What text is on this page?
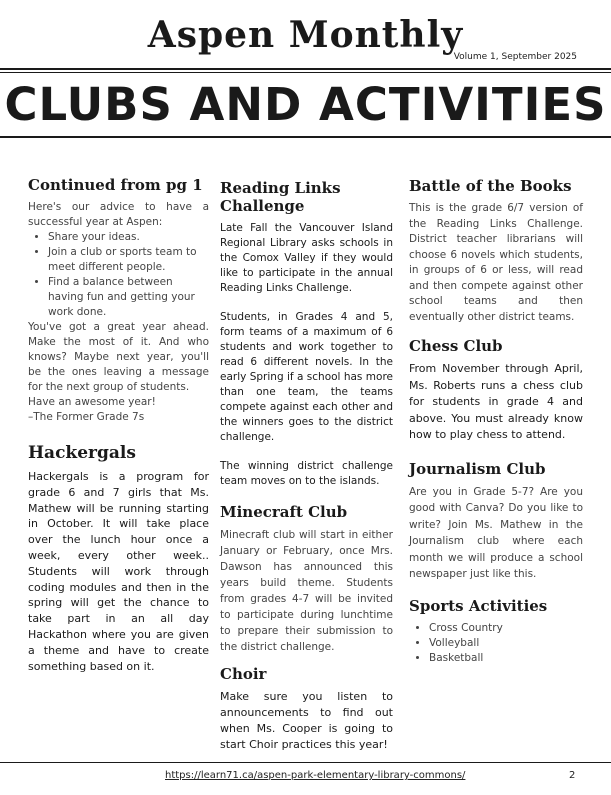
Aspen Monthly
Volume 1, September 2025
CLUBS AND ACTIVITIES
Continued from pg 1

Here's our advice to have a successful year at Aspen:

• Share your ideas.
• Join a club or sports team to meet different people.
• Find a balance between having fun and getting your work done.

You've got a great year ahead. Make the most of it. And who knows? Maybe next year, you'll be the ones leaving a message for the next group of students.

Have an awesome year!

–The Former Grade 7s

Hackergals

Hackergals is a program for grade 6 and 7 girls that Ms. Mathew will be running starting in October. It will take place over the lunch hour once a week, every other week.. Students will work through coding modules and then in the spring will get the chance to take part in an all day Hackathon where you are given a theme and have to create something based on it.

Reading Links Challenge

Late Fall the Vancouver Island Regional Library asks schools in the Comox Valley if they would like to participate in the annual Reading Links Challenge.

Students, in Grades 4 and 5, form teams of a maximum of 6 students and work together to read 6 different novels. In the early Spring if a school has more than one team, the teams compete against each other and the winners goes to the district challenge.

The winning district challenge team moves on to the islands.

Minecraft Club

Minecraft club will start in either January or February, once Mrs. Dawson has announced this years build theme. Students from grades 4-7 will be invited to participate during lunchtime to prepare their submission to the district challenge.

Choir

Make sure you listen to announcements to find out when Ms. Cooper is going to start Choir practices this year!

Battle of the Books

This is the grade 6/7 version of the Reading Links Challenge. District teacher librarians will choose 6 novels which students, in groups of 6 or less, will read and then compete against other school teams and then eventually other district teams.

Chess Club

From November through April, Ms. Roberts runs a chess club for students in grade 4 and above. You must already know how to play chess to attend.

Journalism Club

Are you in Grade 5-7? Are you good with Canva? Do you like to write? Join Ms. Mathew in the Journalism club where each month we will produce a school newspaper just like this.

Sports Activities
• Cross Country
• Volleyball
• Basketball
https://learn71.ca/aspen-park-elementary-library-commons/	2
